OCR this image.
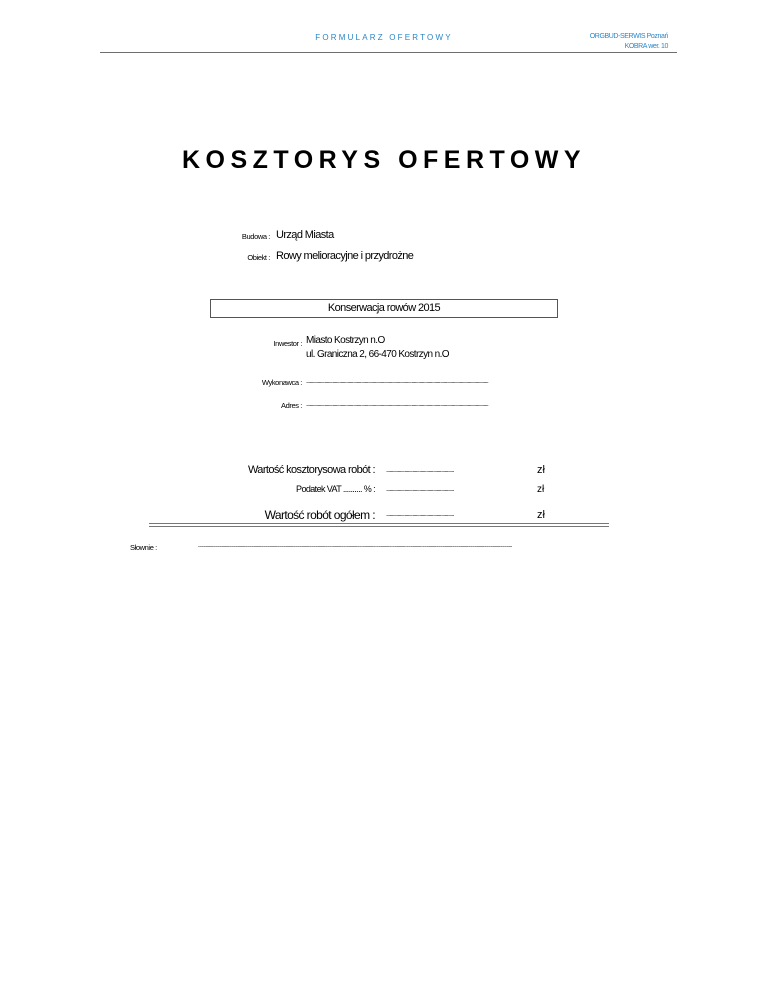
FORMULARZ OFERTOWY	ORGBUD-SERWIS Poznań
KOBRA wer. 10
KOSZTORYS OFERTOWY
Budowa : Urząd Miasta
Obiekt : Rowy melioracyjne i przydrożne
Konserwacja rowów 2015
Inwestor : Miasto Kostrzyn n.O
ul. Graniczna 2, 66-470 Kostrzyn n.O
Wykonawca : ...............................................................................................................................................................
Adres : ...............................................................................................................................................................
Wartość kosztorysowa robót : ...........................................................	zł
Podatek VAT .......... % : ...........................................................	zł
Wartość robót ogółem : ...........................................................	zł
Słownie :	......................................................................................................................................................................................................................................................................................................
